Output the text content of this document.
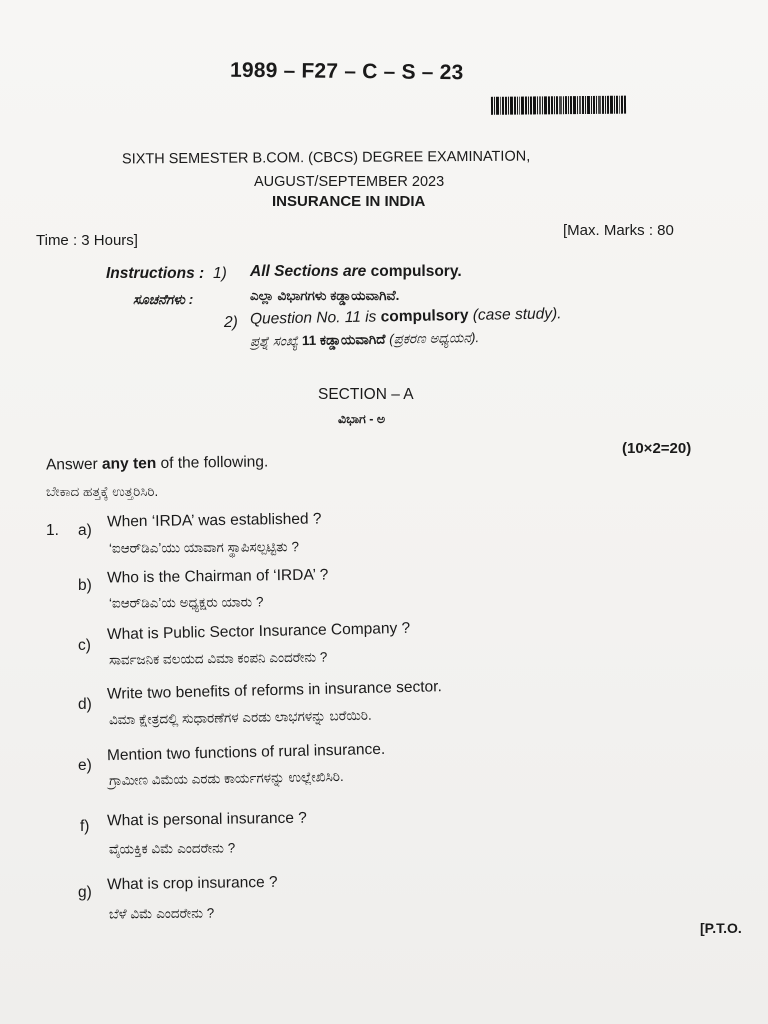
1989 – F27 – C – S – 23
SIXTH SEMESTER B.COM. (CBCS) DEGREE EXAMINATION,
AUGUST/SEPTEMBER 2023
INSURANCE IN INDIA
Time : 3 Hours]
[Max. Marks : 80
Instructions : 1) All Sections are compulsory.
ಸೂಚನೆಗಳು :	ಎಲ್ಲಾ ವಿಭಾಗಗಳು ಕಡ್ಡಾಯವಾಗಿವೆ.
2) Question No. 11 is compulsory (case study).
ಪ್ರಶ್ನೆ ಸಂಖ್ಯೆ 11 ಕಡ್ಡಾಯವಾಗಿದೆ (ಪ್ರಕರಣ ಅಧ್ಯಯನ).
SECTION – A
ವಿಭಾಗ - ಅ
Answer any ten of the following.
(10×2=20)
ಬೇಕಾದ ಹತ್ತಕ್ಕೆ ಉತ್ತರಿಸಿರಿ.
1. a)
When ‘IRDA’ was established ?
‘ಐಆರ್‌ಡಿಎ’ಯು ಯಾವಾಗ ಸ್ಥಾಪಿಸಲ್ಪಟ್ಟಿತು ?
b) Who is the Chairman of ‘IRDA’ ?
‘ಐಆರ್‌ಡಿಎ’ಯ ಅಧ್ಯಕ್ಷರು ಯಾರು ?
c)
What is Public Sector Insurance Company ?
ಸಾರ್ವಜನಿಕ ವಲಯದ ವಿಮಾ ಕಂಪನಿ ಎಂದರೇನು ?
d)
Write two benefits of reforms in insurance sector.
ವಿಮಾ ಕ್ಷೇತ್ರದಲ್ಲಿ ಸುಧಾರಣೆಗಳ ಎರಡು ಲಾಭಗಳನ್ನು ಬರೆಯಿರಿ.
e)
Mention two functions of rural insurance.
ಗ್ರಾಮೀಣ ವಿಮೆಯ ಎರಡು ಕಾರ್ಯಗಳನ್ನು ಉಲ್ಲೇಖಿಸಿರಿ.
f) What is personal insurance ?
ವೈಯಕ್ತಿಕ ವಿಮೆ ಎಂದರೇನು ?
g) What is crop insurance ?
ಬೆಳೆ ವಿಮೆ ಎಂದರೇನು ?
[P.T.O.
